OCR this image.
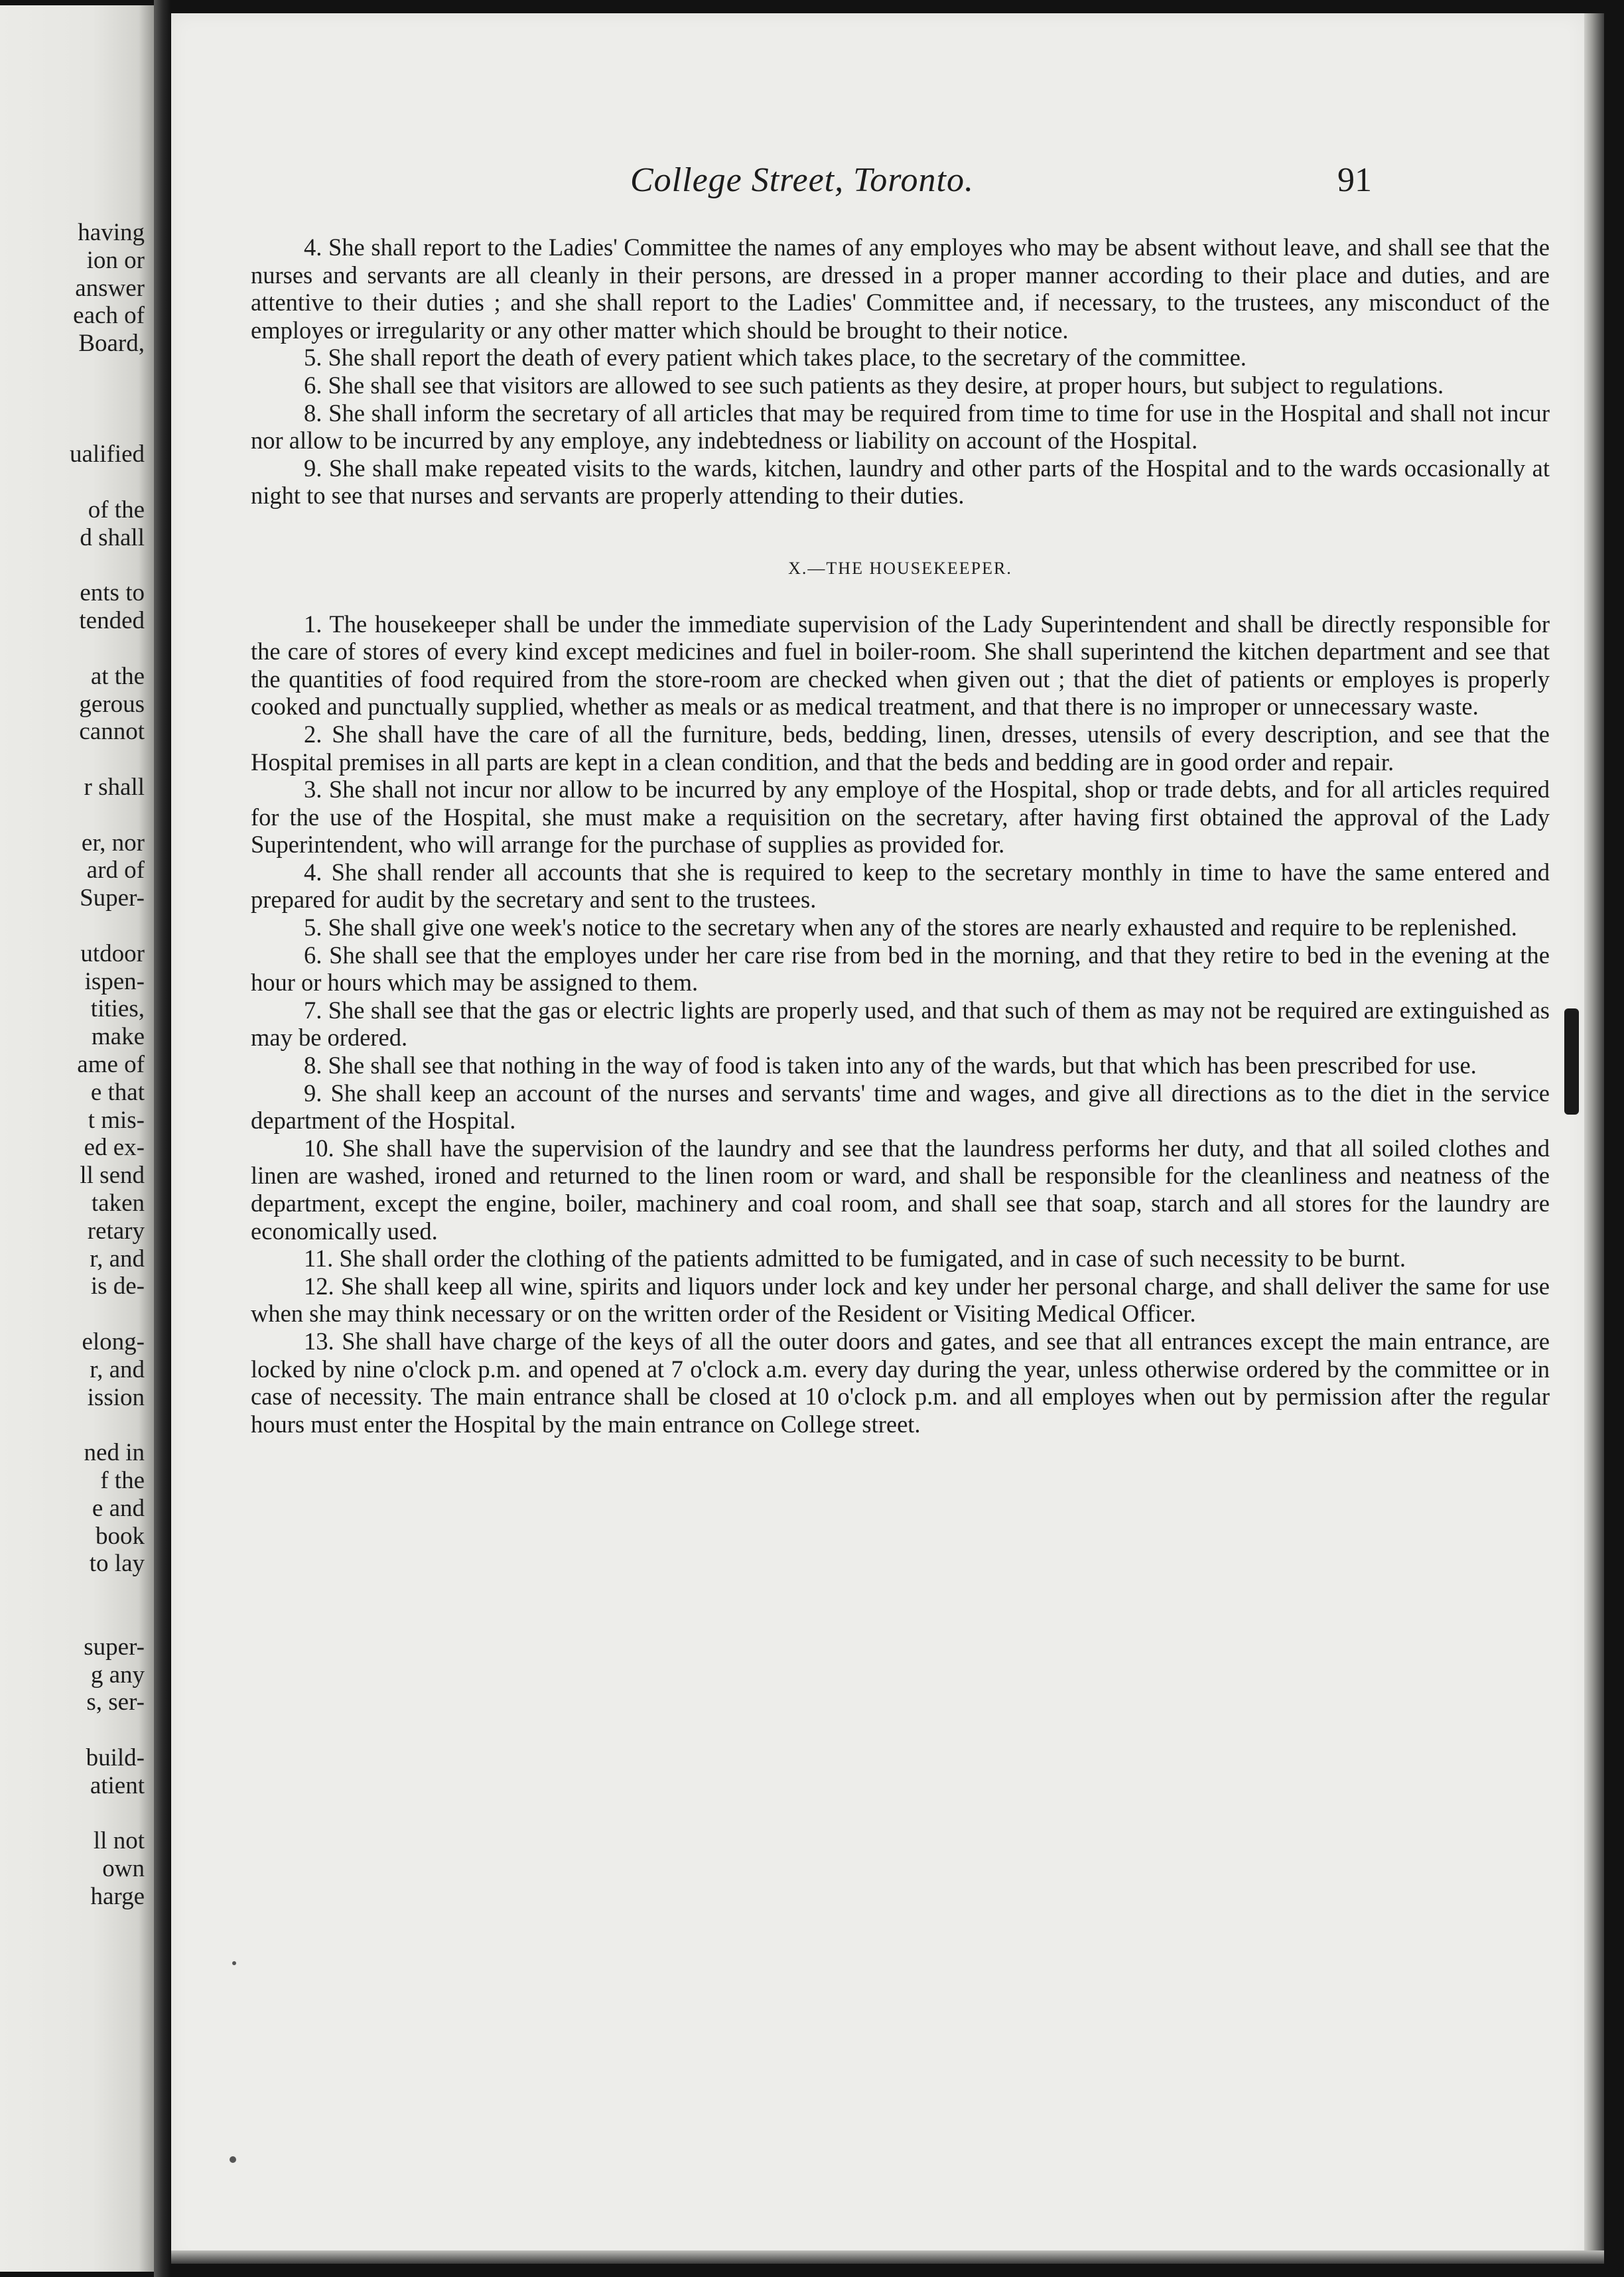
having
ion or
answer
each of
Board,
ualified
of the
d shall
ents to
tended
at the
gerous
cannot
r shall
er, nor
ard of
Super-
utdoor
ispen-
tities,
make
ame of
e that
t mis-
ed ex-
ll send
taken
retary
r, and
is de-
elong-
r, and
ission
ned in
f the
e and
book
to lay
super-
g any
s, ser-
build-
atient
ll not
own
harge
College Street, Toronto.	91

4. She shall report to the Ladies' Committee the names of any employes who may be absent without leave, and shall see that the nurses and servants are all cleanly in their persons, are dressed in a proper manner according to their place and duties, and are attentive to their duties ; and she shall report to the Ladies' Committee and, if necessary, to the trustees, any misconduct of the employes or irregularity or any other matter which should be brought to their notice.

5. She shall report the death of every patient which takes place, to the secretary of the committee.

6. She shall see that visitors are allowed to see such patients as they desire, at proper hours, but subject to regulations.

8. She shall inform the secretary of all articles that may be required from time to time for use in the Hospital and shall not incur nor allow to be incurred by any employe, any indebtedness or liability on account of the Hospital.

9. She shall make repeated visits to the wards, kitchen, laundry and other parts of the Hospital and to the wards occasionally at night to see that nurses and servants are properly attending to their duties.

X.—THE HOUSEKEEPER.

1. The housekeeper shall be under the immediate supervision of the Lady Superintendent and shall be directly responsible for the care of stores of every kind except medicines and fuel in boiler-room. She shall superintend the kitchen department and see that the quantities of food required from the store-room are checked when given out ; that the diet of patients or employes is properly cooked and punctually supplied, whether as meals or as medical treatment, and that there is no improper or unnecessary waste.

2. She shall have the care of all the furniture, beds, bedding, linen, dresses, utensils of every description, and see that the Hospital premises in all parts are kept in a clean condition, and that the beds and bedding are in good order and repair.

3. She shall not incur nor allow to be incurred by any employe of the Hospital, shop or trade debts, and for all articles required for the use of the Hospital, she must make a requisition on the secretary, after having first obtained the approval of the Lady Superintendent, who will arrange for the purchase of supplies as provided for.

4. She shall render all accounts that she is required to keep to the secretary monthly in time to have the same entered and prepared for audit by the secretary and sent to the trustees.

5. She shall give one week's notice to the secretary when any of the stores are nearly exhausted and require to be replenished.

6. She shall see that the employes under her care rise from bed in the morning, and that they retire to bed in the evening at the hour or hours which may be assigned to them.

7. She shall see that the gas or electric lights are properly used, and that such of them as may not be required are extinguished as may be ordered.

8. She shall see that nothing in the way of food is taken into any of the wards, but that which has been prescribed for use.

9. She shall keep an account of the nurses and servants' time and wages, and give all directions as to the diet in the service department of the Hospital.

10. She shall have the supervision of the laundry and see that the laundress performs her duty, and that all soiled clothes and linen are washed, ironed and returned to the linen room or ward, and shall be responsible for the cleanliness and neatness of the department, except the engine, boiler, machinery and coal room, and shall see that soap, starch and all stores for the laundry are economically used.

11. She shall order the clothing of the patients admitted to be fumigated, and in case of such necessity to be burnt.

12. She shall keep all wine, spirits and liquors under lock and key under her personal charge, and shall deliver the same for use when she may think necessary or on the written order of the Resident or Visiting Medical Officer.

13. She shall have charge of the keys of all the outer doors and gates, and see that all entrances except the main entrance, are locked by nine o'clock p.m. and opened at 7 o'clock a.m. every day during the year, unless otherwise ordered by the committee or in case of necessity. The main entrance shall be closed at 10 o'clock p.m. and all employes when out by permission after the regular hours must enter the Hospital by the main entrance on College street.
